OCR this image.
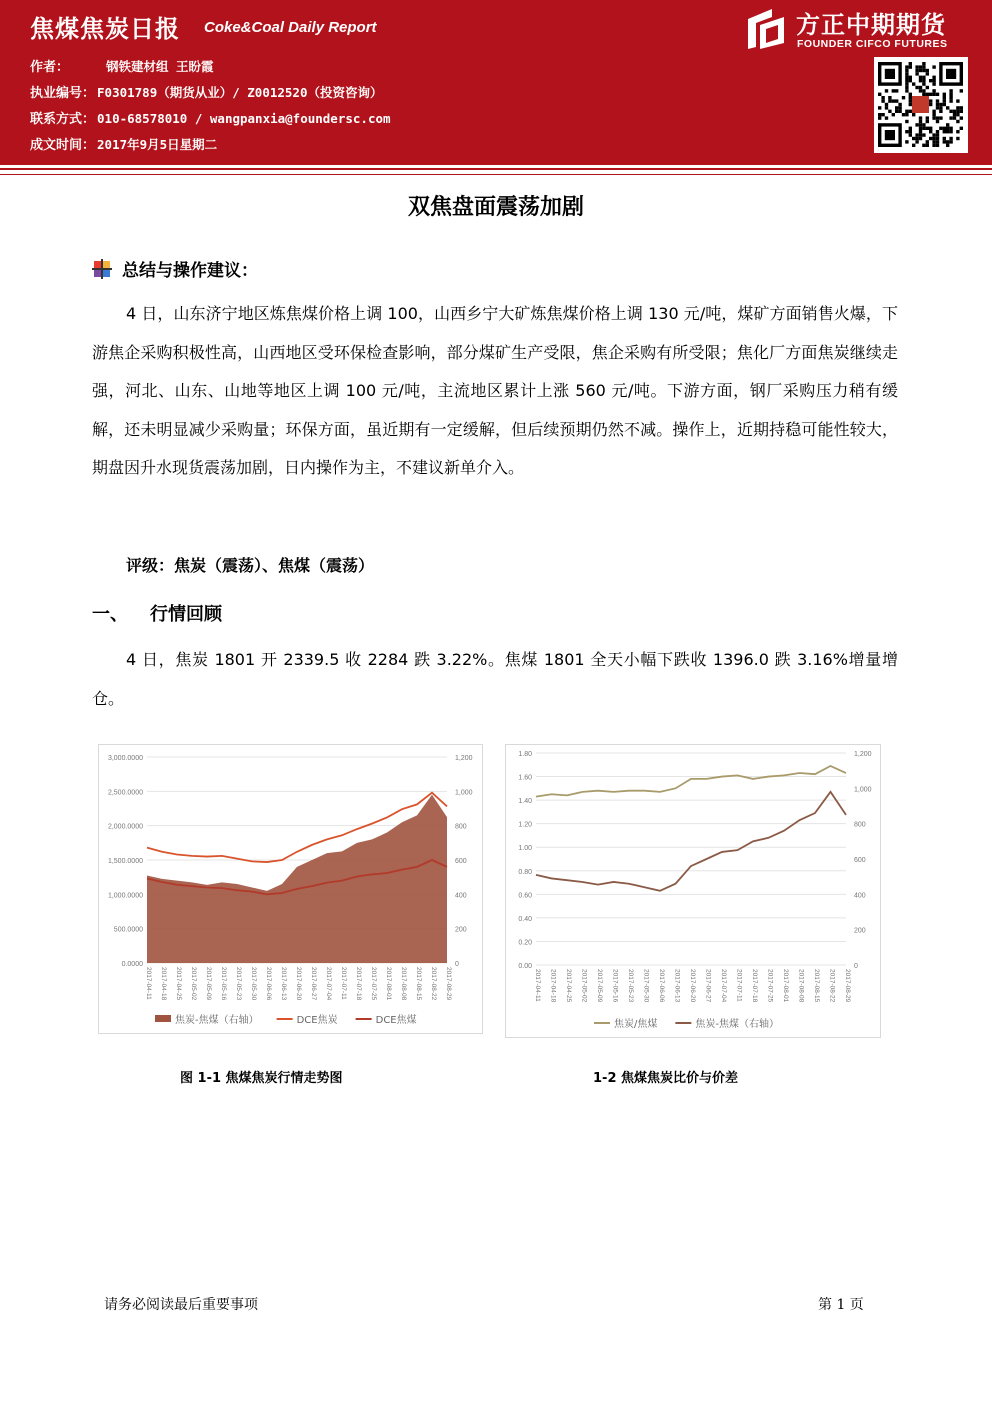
焦煤焦炭日报 Coke&Coal Daily Report
作者：	钢铁建材组 王盼霞
执业编号： F0301789（期货从业）/ Z0012520（投资咨询）
联系方式： 010-68578010 / wangpanxia@foundersc.com
成文时间： 2017年9月5日星期二
方正中期期货
FOUNDER CIFCO FUTURES
双焦盘面震荡加剧
总结与操作建议：
4 日，山东济宁地区炼焦煤价格上调 100，山西乡宁大矿炼焦煤价格上调 130 元/吨，煤矿方面销售火爆，下游焦企采购积极性高，山西地区受环保检查影响，部分煤矿生产受限，焦企采购有所受限；焦化厂方面焦炭继续走强，河北、山东、山地等地区上调 100 元/吨，主流地区累计上涨 560 元/吨。下游方面，钢厂采购压力稍有缓解，还未明显减少采购量；环保方面，虽近期有一定缓解，但后续预期仍然不减。操作上，近期持稳可能性较大，期盘因升水现货震荡加剧，日内操作为主，不建议新单介入。
评级：焦炭（震荡）、焦煤（震荡）
一、 行情回顾
4 日，焦炭 1801 开 2339.5 收 2284 跌 3.22%。焦煤 1801 全天小幅下跌收 1396.0 跌 3.16%增量增仓。
0.0000
500.0000
1,000.0000
1,500.0000
2,000.0000
2,500.0000
3,000.0000
0
200
400
600
800
1,000
1,200
2017-04-11 2017-04-18 2017-04-25 2017-05-02 2017-05-09 2017-05-16 2017-05-23 2017-05-30 2017-06-06 2017-06-13 2017-06-20 2017-06-27 2017-07-04 2017-07-11 2017-07-18 2017-07-25 2017-08-01 2017-08-08 2017-08-15 2017-08-22 2017-08-29
焦炭-焦煤（右轴）	DCE焦炭	DCE焦煤
0.00
0.20
0.40
0.60
0.80
1.00
1.20
1.40
1.60
1.80
0
200
400
600
800
1,000
1,200
2017-04-11 2017-04-18 2017-04-25 2017-05-02 2017-05-09 2017-05-16 2017-05-23 2017-05-30 2017-06-06 2017-06-13 2017-06-20 2017-06-27 2017-07-04 2017-07-11 2017-07-18 2017-07-25 2017-08-01 2017-08-08 2017-08-15 2017-08-22 2017-08-29
焦炭/焦煤	焦炭-焦煤（右轴）
图 1-1 焦煤焦炭行情走势图	1-2 焦煤焦炭比价与价差
请务必阅读最后重要事项	第 1 页
